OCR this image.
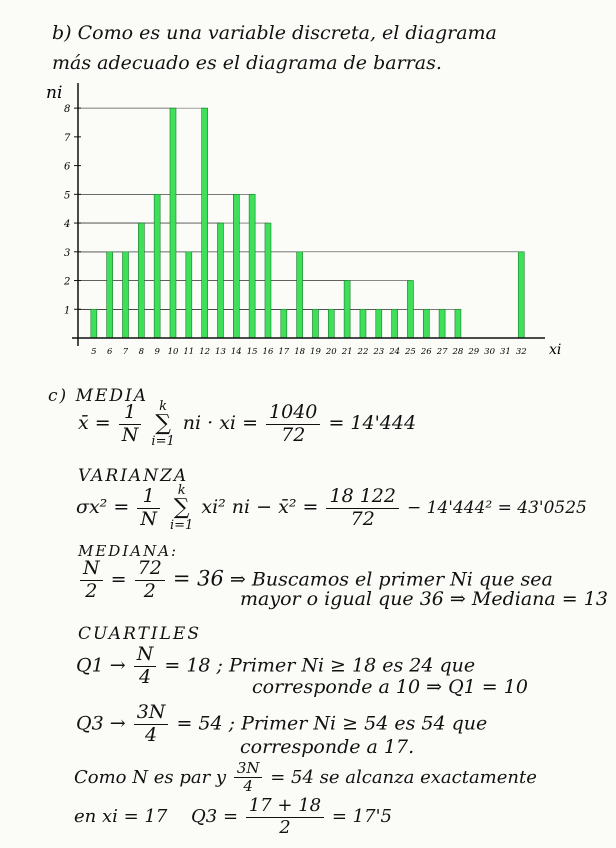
b) Como es una variable discreta, el diagrama
más adecuado es el diagrama de barras.
1
2
3
4
5
6
7
8
5 6 7 8 9 10 11 12 13 14 15 16 17 18 19 20 21 22 23 24 25 26 27 28 29 30 31 32
ni
xi
c) MEDIA
x̄ = $\frac{1}{N}$ k
∑
i=1 ni · xi = $\frac{1040}{72} = 14'444$
VARIANZA
$\sigma x^2 = \frac{1}{N}$ k
∑
i=1 xi² ni − x̄² = $\frac{18 122}{72} - 14'444^2 = 43'0525$
MEDIANA:
$\frac{N}{2} = \frac{72}{2} = 36$ ⇒ Buscamos el primer Ni que sea
mayor o igual que 36 ⇒ Mediana = 13
CUARTILES
$Q1 \to \frac{N}{4} = 18$ ; Primer Ni ≥ 18 es 24 que
corresponde a 10 ⇒ Q1 = 10
$Q3 \to \frac{3N}{4} = 54$ ; Primer Ni ≥ 54 es 54 que
corresponde a 17.
Como N es par y $\frac{3N}{4} = 54$ se alcanza exactamente
en xi = 17 $Q3 = \frac{17 + 18}{2} = 17'5$
